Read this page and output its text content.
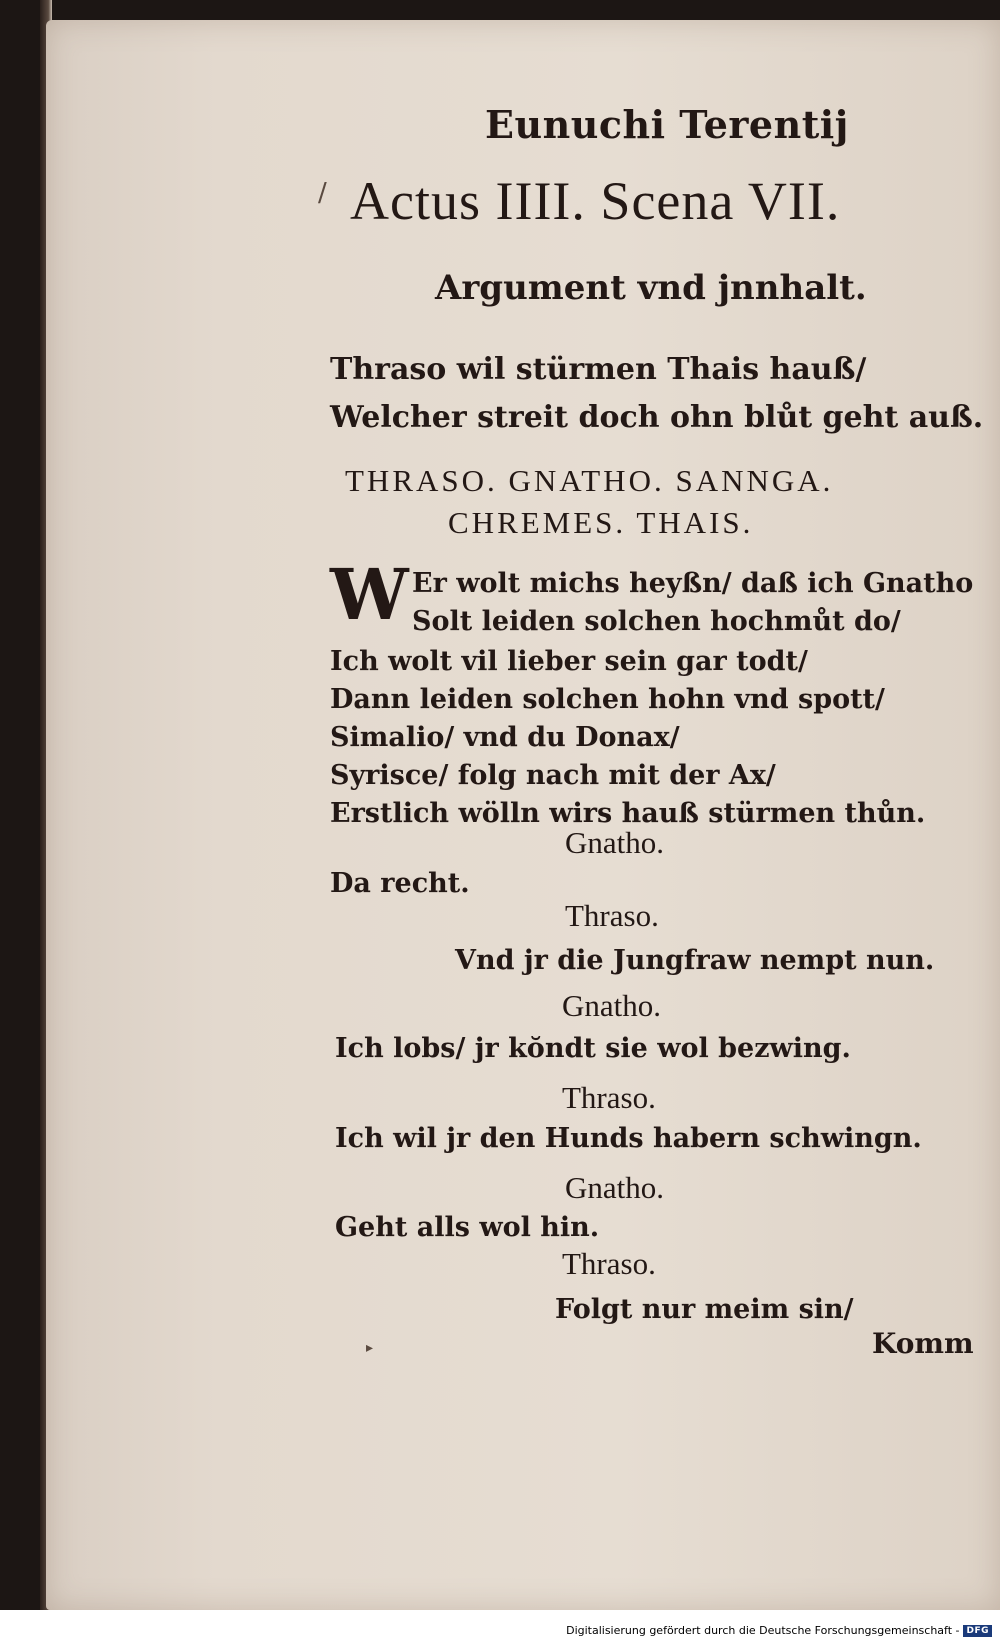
Eunuchi Terentij
Actus IIII. Scena VII.
Argument vnd jnnhalt.
Thraso wil stürmen Thais hauß/
Welcher streit doch ohn blůt geht auß.
THRASO. GNATHO. SANNGA.
CHREMES. THAIS.
W Er wolt michs heyßn/ daß ich Gnatho
Solt leiden solchen hochmůt do/
Ich wolt vil lieber sein gar todt/
Dann leiden solchen hohn vnd spott/
Simalio/ vnd du Donax/
Syrisce/ folg nach mit der Ax/
Erstlich wölln wirs hauß stürmen thůn.
Gnatho.
Da recht.
Thraso.
Vnd jr die Jungfraw nempt nun.
Gnatho.
Ich lobs/ jr kŏndt sie wol bezwing.
Thraso.
Ich wil jr den Hunds habern schwingn.
Gnatho.
Geht alls wol hin.
Thraso.
Folgt nur meim sin/
Komm
▸
/
Digitalisierung gefördert durch die Deutsche Forschungsgemeinschaft - DFG
